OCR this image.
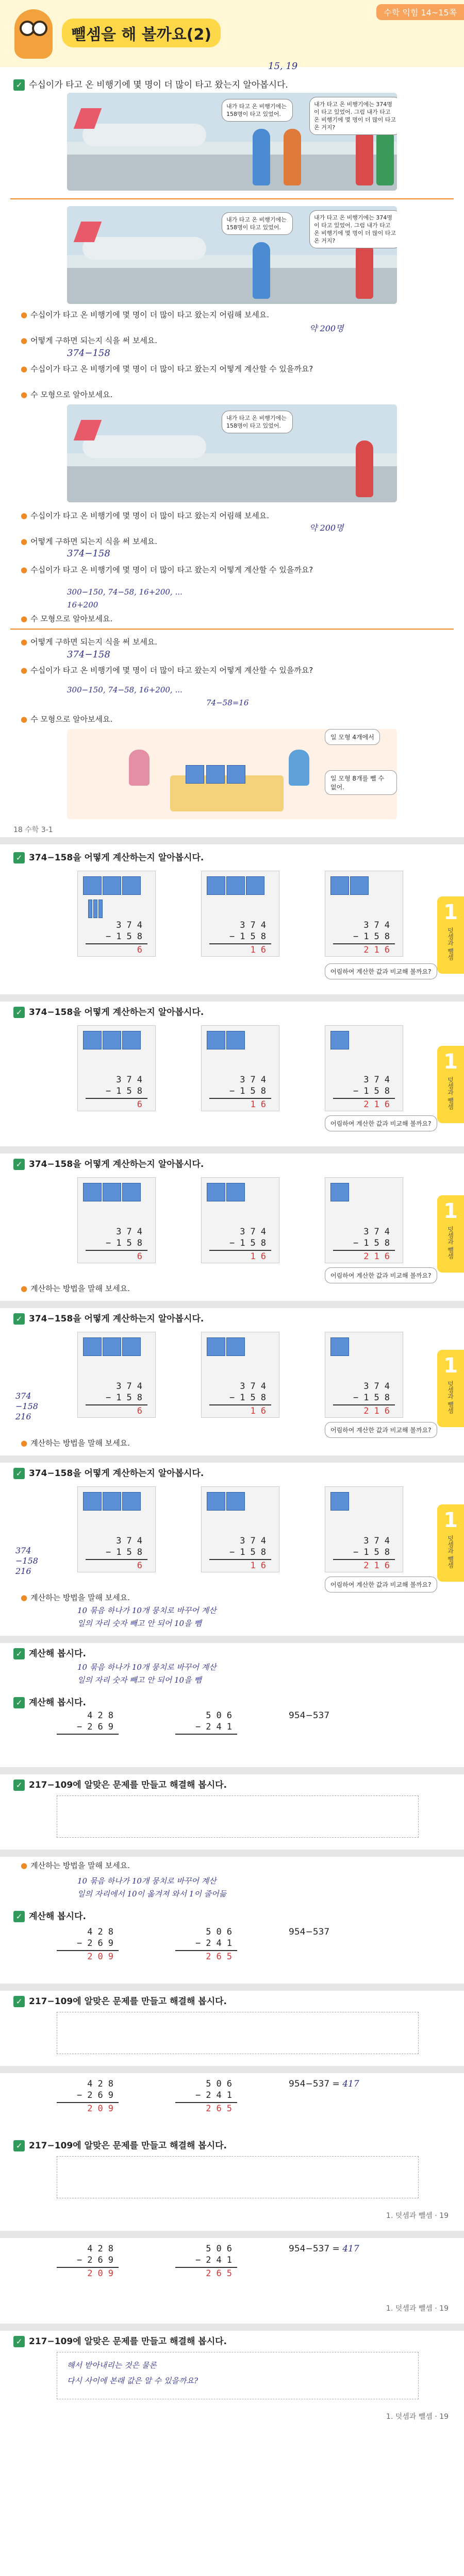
뺄셈을 해 볼까요(2)
수학 익힘 14~15쪽
✓ 수십이가 타고 온 비행기에 몇 명이 더 많이 타고 왔는지 알아봅시다.
15, 19
내가 타고 온 비행기에는 158명이 타고 있었어.
내가 타고 온 비행기에는 374명이 타고 있었어. 그럼 내가 타고 온 비행기에 몇 명이 더 많이 타고 온 거지?
내가 타고 온 비행기에는 158명이 타고 있었어.
내가 타고 온 비행기에는 374명이 타고 있었어. 그럼 내가 타고 온 비행기에 몇 명이 더 많이 타고 온 거지?
● 수십이가 타고 온 비행기에 몇 명이 더 많이 타고 왔는지 어림해 보세요.
약 200명
● 어떻게 구하면 되는지 식을 써 보세요.
374−158
● 수십이가 타고 온 비행기에 몇 명이 더 많이 타고 왔는지 어떻게 계산할 수 있을까요?
● 수 모형으로 알아보세요.
내가 타고 온 비행기에는 158명이 타고 있었어.
● 수십이가 타고 온 비행기에 몇 명이 더 많이 타고 왔는지 어림해 보세요.
약 200명
● 어떻게 구하면 되는지 식을 써 보세요.
374−158
● 수십이가 타고 온 비행기에 몇 명이 더 많이 타고 왔는지 어떻게 계산할 수 있을까요?
300−150, 74−58, 16+200, ...
16+200
● 수 모형으로 알아보세요.
● 어떻게 구하면 되는지 식을 써 보세요.
374−158
● 수십이가 타고 온 비행기에 몇 명이 더 많이 타고 왔는지 어떻게 계산할 수 있을까요?
300−150, 74−58, 16+200, ...
74−58=16
● 수 모형으로 알아보세요.
일 모형 4개에서
일 모형 8개를 뺄 수 없어.
18 수학 3-1
✓ 374−158을 어떻게 계산하는지 알아봅시다.
1
덧셈과 뺄셈
374
−158
6
374
−158
16
374
−158
216
어림하여 계산한 값과 비교해 볼까요?
✓ 374−158을 어떻게 계산하는지 알아봅시다.
1
덧셈과 뺄셈
374
−158
6
374
−158
16
374
−158
216
어림하여 계산한 값과 비교해 볼까요?
✓ 374−158을 어떻게 계산하는지 알아봅시다.
1
덧셈과 뺄셈
374
−158
6
374
−158
16
374
−158
216
어림하여 계산한 값과 비교해 볼까요?
● 계산하는 방법을 말해 보세요.
✓ 374−158을 어떻게 계산하는지 알아봅시다.
1
덧셈과 뺄셈
374
−158
6
374
−158
16
374
−158
216
374
−158
216
어림하여 계산한 값과 비교해 볼까요?
● 계산하는 방법을 말해 보세요.
✓ 374−158을 어떻게 계산하는지 알아봅시다.
1
덧셈과 뺄셈
374
−158
6
374
−158
16
374
−158
216
374
−158
216
어림하여 계산한 값과 비교해 볼까요?
● 계산하는 방법을 말해 보세요.
10 묶음 하나가 10개 뭉치로 바꾸어 계산
일의 자리 숫자 빼고 안 되어 10을 뺌
✓ 계산해 봅시다.
10 묶음 하나가 10개 뭉치로 바꾸어 계산
일의 자리 숫자 빼고 안 되어 10을 뺌
✓ 계산해 봅시다.
428
−269
506
−241
954−537
✓ 217−109에 알맞은 문제를 만들고 해결해 봅시다.
● 계산하는 방법을 말해 보세요.
10 묶음 하나가 10개 뭉치로 바꾸어 계산
일의 자리에서 10이 옮겨져 와서 1이 줄어듦
✓ 계산해 봅시다.
428
−269
209
506
−241
265
954−537
✓ 217−109에 알맞은 문제를 만들고 해결해 봅시다.
428
−269
209
506
−241
265
954−537 = 417
✓ 217−109에 알맞은 문제를 만들고 해결해 봅시다.
1. 덧셈과 뺄셈 · 19
428
−269
209
506
−241
265
954−537 = 417
1. 덧셈과 뺄셈 · 19
✓ 217−109에 알맞은 문제를 만들고 해결해 봅시다.
해서 받아내리는 것은 물론
다시 사이에 본래 값은 알 수 있을까요?
1. 덧셈과 뺄셈 · 19
